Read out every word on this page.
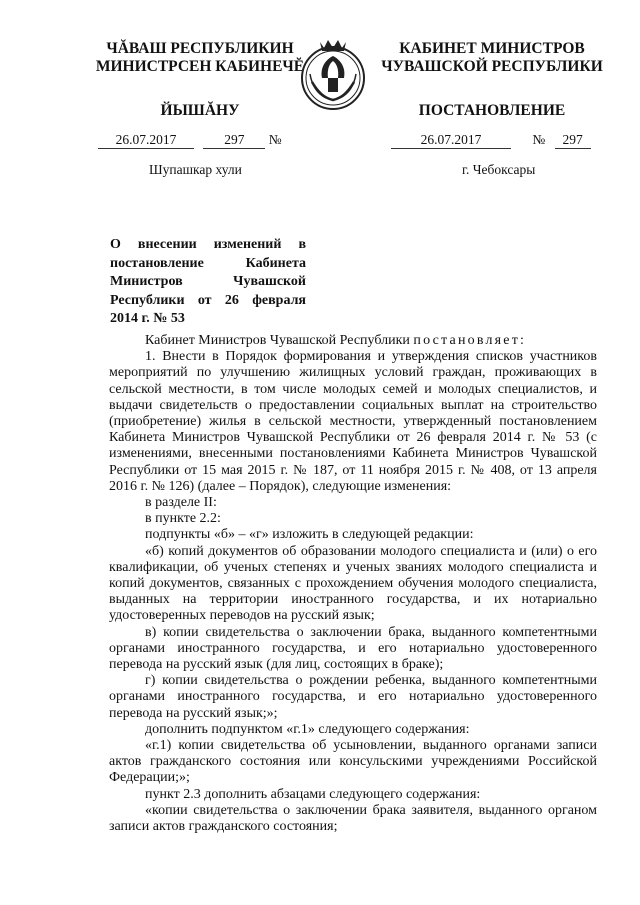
ЧĂВАШ РЕСПУБЛИКИН
МИНИСТРСЕН КАБИНЕЧĔ
ЙЫШĂНУ
КАБИНЕТ МИНИСТРОВ
ЧУВАШСКОЙ РЕСПУБЛИКИ
ПОСТАНОВЛЕНИЕ
26.07.2017	297 №	26.07.2017	№ 297
Шупашкар хули	г. Чебоксары
О внесении изменений в постановление Кабинета Министров Чувашской Республики от 26 февраля 2014 г. № 53

Кабинет Министров Чувашской Республики постановляет:

1. Внести в Порядок формирования и утверждения списков участников мероприятий по улучшению жилищных условий граждан, проживающих в сельской местности, в том числе молодых семей и молодых специалистов, и выдачи свидетельств о предоставлении социальных выплат на строительство (приобретение) жилья в сельской местности, утвержденный постановлением Кабинета Министров Чувашской Республики от 26 февраля 2014 г. № 53 (с изменениями, внесенными постановлениями Кабинета Министров Чувашской Республики от 15 мая 2015 г. № 187, от 11 ноября 2015 г. № 408, от 13 апреля 2016 г. № 126) (далее – Порядок), следующие изменения:

в разделе II:

в пункте 2.2:

подпункты «б» – «г» изложить в следующей редакции:

«б) копий документов об образовании молодого специалиста и (или) о его квалификации, об ученых степенях и ученых званиях молодого специалиста и копий документов, связанных с прохождением обучения молодого специалиста, выданных на территории иностранного государства, и их нотариально удостоверенных переводов на русский язык;

в) копии свидетельства о заключении брака, выданного компетентными органами иностранного государства, и его нотариально удостоверенного перевода на русский язык (для лиц, состоящих в браке);

г) копии свидетельства о рождении ребенка, выданного компетентными органами иностранного государства, и его нотариально удостоверенного перевода на русский язык;»;

дополнить подпунктом «г.1» следующего содержания:

«г.1) копии свидетельства об усыновлении, выданного органами записи актов гражданского состояния или консульскими учреждениями Российской Федерации;»;

пункт 2.3 дополнить абзацами следующего содержания:

«копии свидетельства о заключении брака заявителя, выданного органом записи актов гражданского состояния;
